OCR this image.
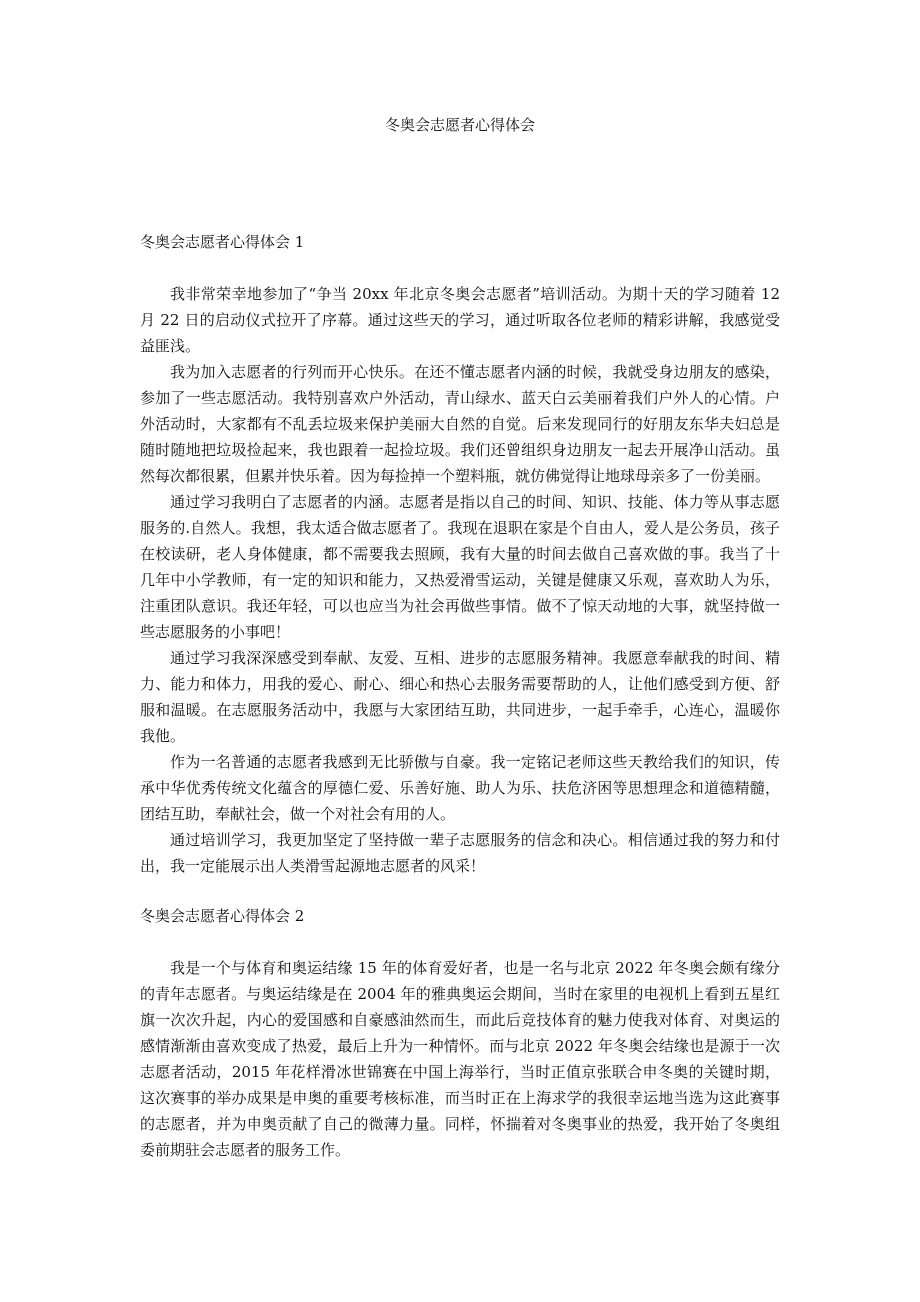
冬奥会志愿者心得体会

冬奥会志愿者心得体会 1

我非常荣幸地参加了“争当 20xx 年北京冬奥会志愿者”培训活动。为期十天的学习随着 12 月 22 日的启动仪式拉开了序幕。通过这些天的学习，通过听取各位老师的精彩讲解，我感觉受益匪浅。

我为加入志愿者的行列而开心快乐。在还不懂志愿者内涵的时候，我就受身边朋友的感染，参加了一些志愿活动。我特别喜欢户外活动，青山绿水、蓝天白云美丽着我们户外人的心情。户外活动时，大家都有不乱丢垃圾来保护美丽大自然的自觉。后来发现同行的好朋友东华夫妇总是随时随地把垃圾捡起来，我也跟着一起捡垃圾。我们还曾组织身边朋友一起去开展净山活动。虽然每次都很累，但累并快乐着。因为每捡掉一个塑料瓶，就仿佛觉得让地球母亲多了一份美丽。

通过学习我明白了志愿者的内涵。志愿者是指以自己的时间、知识、技能、体力等从事志愿服务的.自然人。我想，我太适合做志愿者了。我现在退职在家是个自由人，爱人是公务员，孩子在校读研，老人身体健康，都不需要我去照顾，我有大量的时间去做自己喜欢做的事。我当了十几年中小学教师，有一定的知识和能力，又热爱滑雪运动，关键是健康又乐观，喜欢助人为乐，注重团队意识。我还年轻，可以也应当为社会再做些事情。做不了惊天动地的大事，就坚持做一些志愿服务的小事吧！

通过学习我深深感受到奉献、友爱、互相、进步的志愿服务精神。我愿意奉献我的时间、精力、能力和体力，用我的爱心、耐心、细心和热心去服务需要帮助的人，让他们感受到方便、舒服和温暖。在志愿服务活动中，我愿与大家团结互助，共同进步，一起手牵手，心连心，温暖你我他。

作为一名普通的志愿者我感到无比骄傲与自豪。我一定铭记老师这些天教给我们的知识，传承中华优秀传统文化蕴含的厚德仁爱、乐善好施、助人为乐、扶危济困等思想理念和道德精髓，团结互助，奉献社会，做一个对社会有用的人。

通过培训学习，我更加坚定了坚持做一辈子志愿服务的信念和决心。相信通过我的努力和付出，我一定能展示出人类滑雪起源地志愿者的风采！

冬奥会志愿者心得体会 2

我是一个与体育和奥运结缘 15 年的体育爱好者，也是一名与北京 2022 年冬奥会颇有缘分的青年志愿者。与奥运结缘是在 2004 年的雅典奥运会期间，当时在家里的电视机上看到五星红旗一次次升起，内心的爱国感和自豪感油然而生，而此后竞技体育的魅力使我对体育、对奥运的感情渐渐由喜欢变成了热爱，最后上升为一种情怀。而与北京 2022 年冬奥会结缘也是源于一次志愿者活动，2015 年花样滑冰世锦赛在中国上海举行，当时正值京张联合申冬奥的关键时期，这次赛事的举办成果是申奥的重要考核标准，而当时正在上海求学的我很幸运地当选为这此赛事的志愿者，并为申奥贡献了自己的微薄力量。同样，怀揣着对冬奥事业的热爱，我开始了冬奥组委前期驻会志愿者的服务工作。
